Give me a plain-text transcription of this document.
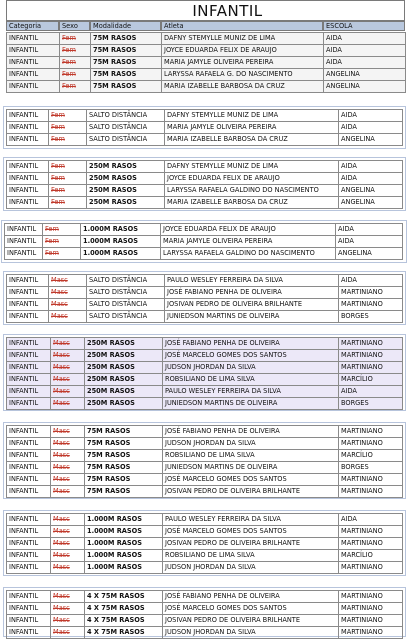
INFANTIL
Categoria	Sexo	Modalidade	Atleta	ESCOLA
INFANTIL	Fem	75M RASOS	DAFNY STEMYLLE MUNIZ DE LIMA	AIDA
INFANTIL	Fem	75M RASOS	JOYCE EDUARDA FELIX DE ARAUJO	AIDA
INFANTIL	Fem	75M RASOS	MARIA JAMYLE OLIVEIRA PEREIRA	AIDA
INFANTIL	Fem	75M RASOS	LARYSSA RAFAELA G. DO NASCIMENTO	ANGELINA
INFANTIL	Fem	75M RASOS	MARIA IZABELLE BARBOSA DA CRUZ	ANGELINA
INFANTIL	Fem	SALTO DISTÂNCIA	DAFNY STEMYLLE MUNIZ DE LIMA	AIDA
INFANTIL	Fem	SALTO DISTÂNCIA	MARIA JAMYLE OLIVEIRA PEREIRA	AIDA
INFANTIL	Fem	SALTO DISTÂNCIA	MARIA IZABELLE BARBOSA DA CRUZ	ANGELINA
INFANTIL	Fem	250M RASOS	DAFNY STEMYLLE MUNIZ DE LIMA	AIDA
INFANTIL	Fem	250M RASOS	JOYCE EDUARDA FELIX DE ARAUJO	AIDA
INFANTIL	Fem	250M RASOS	LARYSSA RAFAELA GALDINO DO NASCIMENTO	ANGELINA
INFANTIL	Fem	250M RASOS	MARIA IZABELLE BARBOSA DA CRUZ	ANGELINA
INFANTIL	Fem	1.000M RASOS	JOYCE EDUARDA FELIX DE ARAUJO	AIDA
INFANTIL	Fem	1.000M RASOS	MARIA JAMYLE OLIVEIRA PEREIRA	AIDA
INFANTIL	Fem	1.000M RASOS	LARYSSA RAFAELA GALDINO DO NASCIMENTO	ANGELINA
INFANTIL	Masc	SALTO DISTÂNCIA	PAULO WESLEY FERREIRA DA SILVA	AIDA
INFANTIL	Masc	SALTO DISTÂNCIA	JOSÉ FABIANO PENHA DE OLIVEIRA	MARTINIANO
INFANTIL	Masc	SALTO DISTÂNCIA	JOSIVAN PEDRO DE OLIVEIRA BRILHANTE	MARTINIANO
INFANTIL	Masc	SALTO DISTÂNCIA	JUNIEDSON MARTINS DE OLIVEIRA	BORGES
INFANTIL	Masc	250M RASOS	JOSÉ FABIANO PENHA DE OLIVEIRA	MARTINIANO
INFANTIL	Masc	250M RASOS	JOSÉ MARCELO GOMES DOS SANTOS	MARTINIANO
INFANTIL	Masc	250M RASOS	JUDSON JHORDAN DA SILVA	MARTINIANO
INFANTIL	Masc	250M RASOS	ROBSILIANO DE LIMA SILVA	MARCÍLIO
INFANTIL	Masc	250M RASOS	PAULO WESLEY FERREIRA DA SILVA	AIDA
INFANTIL	Masc	250M RASOS	JUNIEDSON MARTINS DE OLIVEIRA	BORGES
INFANTIL	Masc	75M RASOS	JOSÉ FABIANO PENHA DE OLIVEIRA	MARTINIANO
INFANTIL	Masc	75M RASOS	JUDSON JHORDAN DA SILVA	MARTINIANO
INFANTIL	Masc	75M RASOS	ROBSILIANO DE LIMA SILVA	MARCÍLIO
INFANTIL	Masc	75M RASOS	JUNIEDSON MARTINS DE OLIVEIRA	BORGES
INFANTIL	Masc	75M RASOS	JOSÉ MARCELO GOMES DOS SANTOS	MARTINIANO
INFANTIL	Masc	75M RASOS	JOSIVAN PEDRO DE OLIVEIRA BRILHANTE	MARTINIANO
INFANTIL	Masc	1.000M RASOS	PAULO WESLEY FERREIRA DA SILVA	AIDA
INFANTIL	Masc	1.000M RASOS	JOSÉ MARCELO GOMES DOS SANTOS	MARTINIANO
INFANTIL	Masc	1.000M RASOS	JOSIVAN PEDRO DE OLIVEIRA BRILHANTE	MARTINIANO
INFANTIL	Masc	1.000M RASOS	ROBSILIANO DE LIMA SILVA	MARCÍLIO
INFANTIL	Masc	1.000M RASOS	JUDSON JHORDAN DA SILVA	MARTINIANO
INFANTIL	Masc	4 X 75M RASOS	JOSÉ FABIANO PENHA DE OLIVEIRA	MARTINIANO
INFANTIL	Masc	4 X 75M RASOS	JOSÉ MARCELO GOMES DOS SANTOS	MARTINIANO
INFANTIL	Masc	4 X 75M RASOS	JOSIVAN PEDRO DE OLIVEIRA BRILHANTE	MARTINIANO
INFANTIL	Masc	4 X 75M RASOS	JUDSON JHORDAN DA SILVA	MARTINIANO
